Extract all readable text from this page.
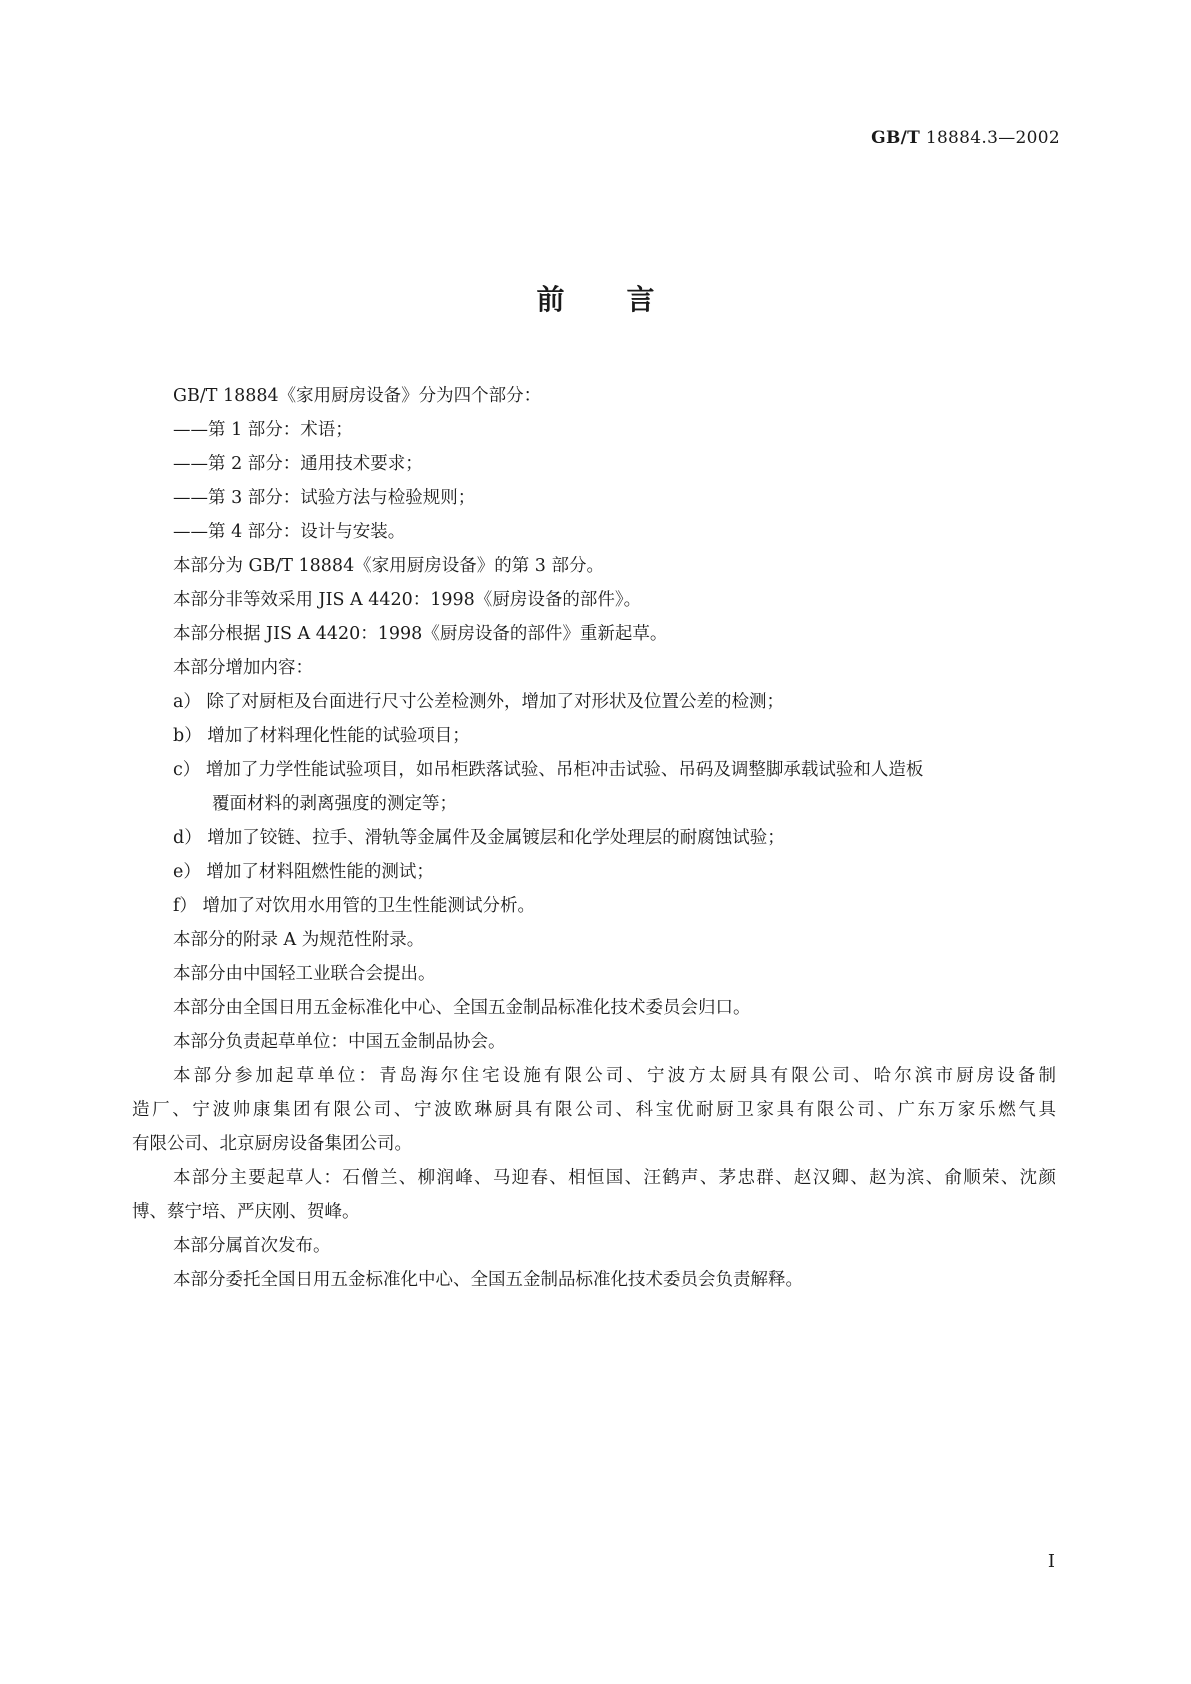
GB/T 18884.3—2002
前言
GB/T 18884《家用厨房设备》分为四个部分：
——第 1 部分：术语；
——第 2 部分：通用技术要求；
——第 3 部分：试验方法与检验规则；
——第 4 部分：设计与安装。
本部分为 GB/T 18884《家用厨房设备》的第 3 部分。
本部分非等效采用 JIS A 4420：1998《厨房设备的部件》。
本部分根据 JIS A 4420：1998《厨房设备的部件》重新起草。
本部分增加内容：
a） 除了对厨柜及台面进行尺寸公差检测外，增加了对形状及位置公差的检测；
b） 增加了材料理化性能的试验项目；
c） 增加了力学性能试验项目，如吊柜跌落试验、吊柜冲击试验、吊码及调整脚承载试验和人造板
覆面材料的剥离强度的测定等；
d） 增加了铰链、拉手、滑轨等金属件及金属镀层和化学处理层的耐腐蚀试验；
e） 增加了材料阻燃性能的测试；
f） 增加了对饮用水用管的卫生性能测试分析。
本部分的附录 A 为规范性附录。
本部分由中国轻工业联合会提出。
本部分由全国日用五金标准化中心、全国五金制品标准化技术委员会归口。
本部分负责起草单位：中国五金制品协会。
本部分参加起草单位：青岛海尔住宅设施有限公司、宁波方太厨具有限公司、哈尔滨市厨房设备制
造厂、宁波帅康集团有限公司、宁波欧琳厨具有限公司、科宝优耐厨卫家具有限公司、广东万家乐燃气具
有限公司、北京厨房设备集团公司。
本部分主要起草人：石僧兰、柳润峰、马迎春、相恒国、汪鹤声、茅忠群、赵汉卿、赵为滨、俞顺荣、沈颜
博、蔡宁培、严庆刚、贺峰。
本部分属首次发布。
本部分委托全国日用五金标准化中心、全国五金制品标准化技术委员会负责解释。
Ⅰ
